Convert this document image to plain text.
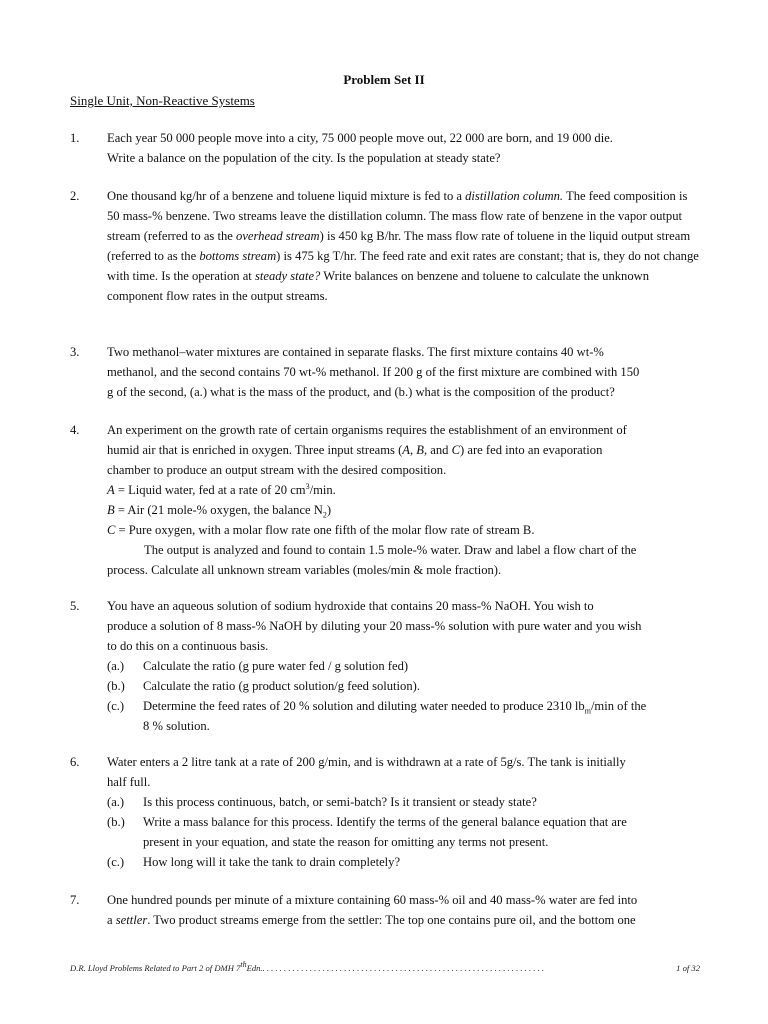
Problem Set II
Single Unit, Non-Reactive Systems
1.	Each year 50 000 people move into a city, 75 000 people move out, 22 000 are born, and 19 000 die.

Write a balance on the population of the city. Is the population at steady state?

2.	One thousand kg/hr of a benzene and toluene liquid mixture is fed to a distillation column. The feed composition is 50 mass-% benzene. Two streams leave the distillation column. The mass flow rate of benzene in the vapor output stream (referred to as the overhead stream) is 450 kg B/hr. The mass flow rate of toluene in the liquid output stream (referred to as the bottoms stream) is 475 kg T/hr. The feed rate and exit rates are constant; that is, they do not change with time. Is the operation at steady state? Write balances on benzene and toluene to calculate the unknown component flow rates in the output streams.

3.	Two methanol–water mixtures are contained in separate flasks. The first mixture contains 40 wt-%

methanol, and the second contains 70 wt-% methanol. If 200 g of the first mixture are combined with 150

g of the second, (a.) what is the mass of the product, and (b.) what is the composition of the product?

4.	An experiment on the growth rate of certain organisms requires the establishment of an environment of

humid air that is enriched in oxygen. Three input streams (A, B, and C) are fed into an evaporation

chamber to produce an output stream with the desired composition.

A = Liquid water, fed at a rate of 20 $cm^3/\min$.

B = Air (21 mole-% oxygen, the balance $N_2$)

C = Pure oxygen, with a molar flow rate one fifth of the molar flow rate of stream B.

The output is analyzed and found to contain 1.5 mole-% water. Draw and label a flow chart of the

process. Calculate all unknown stream variables (moles/min & mole fraction).

5.	You have an aqueous solution of sodium hydroxide that contains 20 mass-% NaOH. You wish to

produce a solution of 8 mass-% NaOH by diluting your 20 mass-% solution with pure water and you wish

to do this on a continuous basis.

(a.) Calculate the ratio (g pure water fed / g solution fed)
(b.) Calculate the ratio (g product solution/g feed solution).
(c.) Determine the feed rates of 20 % solution and diluting water needed to produce 2310 $lb_m/\min$ of the

8 % solution.

6.	Water enters a 2 litre tank at a rate of 200 g/min, and is withdrawn at a rate of 5g/s. The tank is initially

half full.

(a.) Is this process continuous, batch, or semi-batch? Is it transient or steady state?
(b.) Write a mass balance for this process. Identify the terms of the general balance equation that are

present in your equation, and state the reason for omitting any terms not present.

(c.) How long will it take the tank to drain completely?
7.	One hundred pounds per minute of a mixture containing 60 mass-% oil and 40 mass-% water are fed into

a settler. Two product streams emerge from the settler: The top one contains pure oil, and the bottom one

D.R. Lloyd Problems Related to Part 2 of DMH 7thEdn.. . . . . . . . . . . . . . . . . . . . . . . . . . . . . . . . . . . . . . . . . . . . . . . . . . . . . . . . . . . . . . . . . .	1 of 32
